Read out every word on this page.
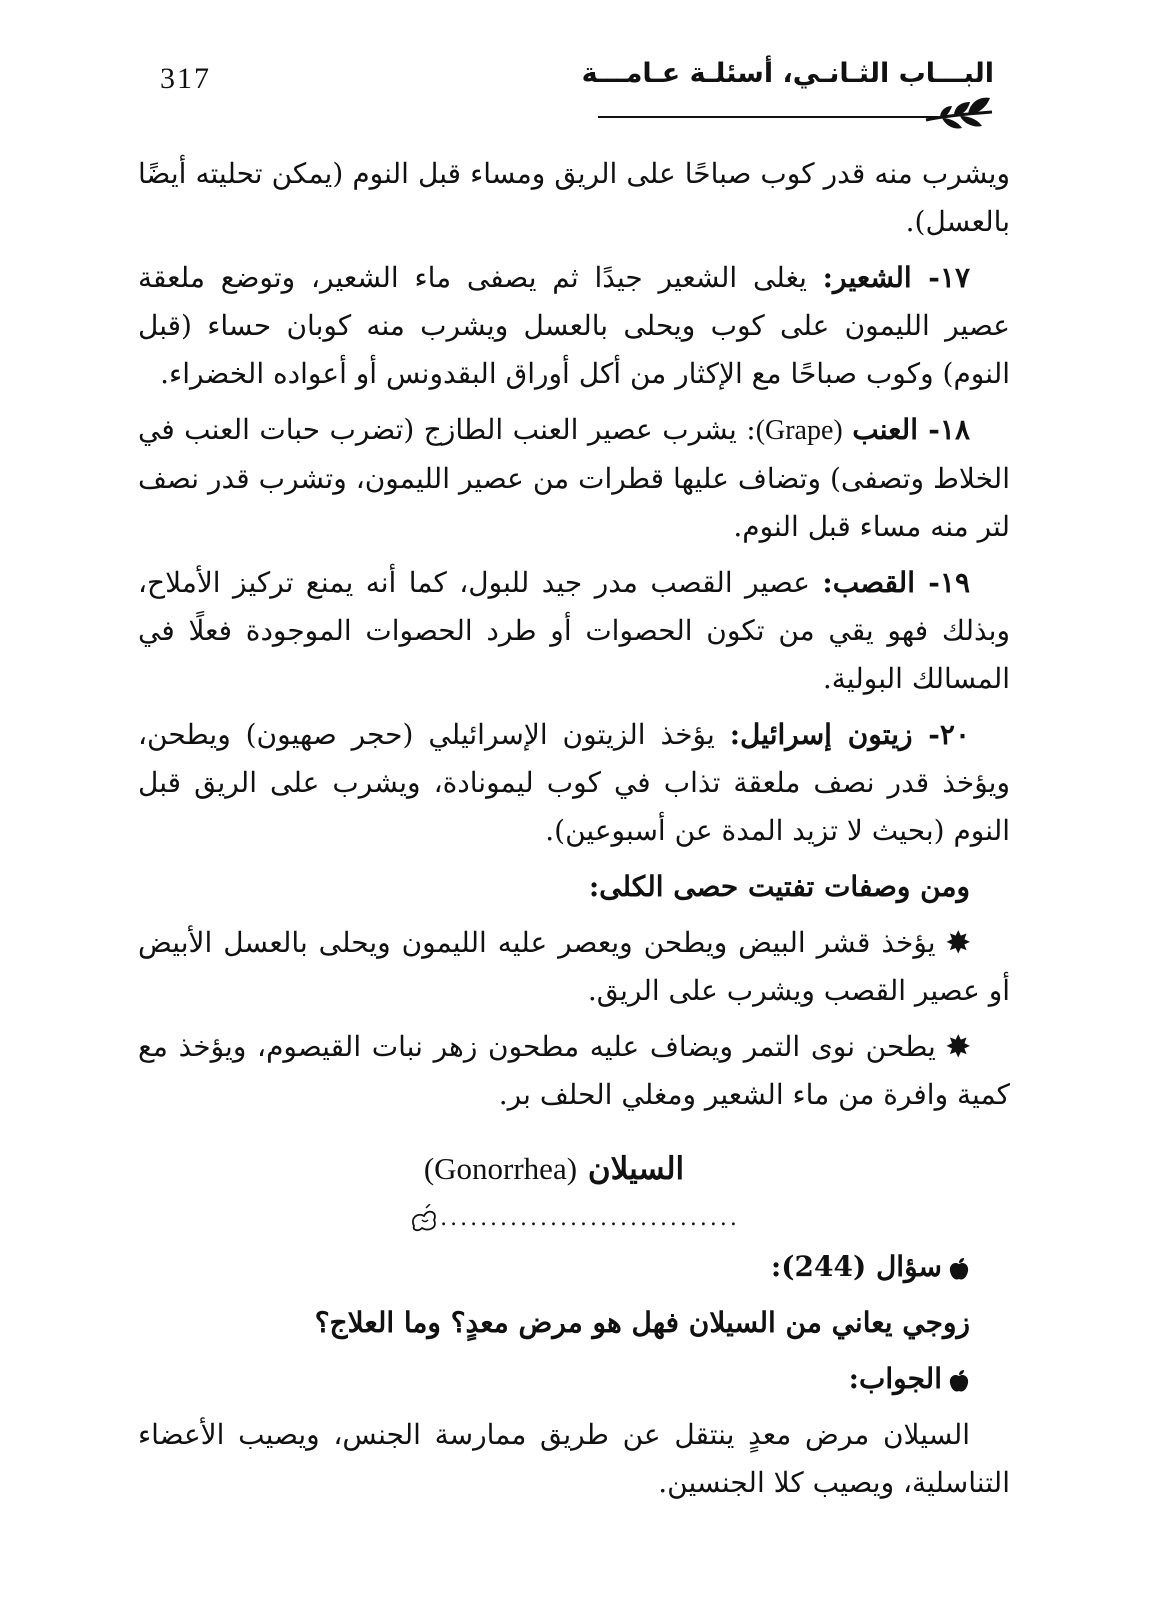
317	البـــاب الثـانـي، أسئلـة عـامـــة

ويشرب منه قدر كوب صباحًا على الريق ومساء قبل النوم (يمكن تحليته أيضًا بالعسل).

١٧- الشعير: يغلى الشعير جيدًا ثم يصفى ماء الشعير، وتوضع ملعقة عصير الليمون على كوب ويحلى بالعسل ويشرب منه كوبان حساء (قبل النوم) وكوب صباحًا مع الإكثار من أكل أوراق البقدونس أو أعواده الخضراء.

١٨- العنب (Grape): يشرب عصير العنب الطازج (تضرب حبات العنب في الخلاط وتصفى) وتضاف عليها قطرات من عصير الليمون، وتشرب قدر نصف لتر منه مساء قبل النوم.

١٩- القصب: عصير القصب مدر جيد للبول، كما أنه يمنع تركيز الأملاح، وبذلك فهو يقي من تكون الحصوات أو طرد الحصوات الموجودة فعلًا في المسالك البولية.

٢٠- زيتون إسرائيل: يؤخذ الزيتون الإسرائيلي (حجر صهيون) ويطحن، ويؤخذ قدر نصف ملعقة تذاب في كوب ليمونادة، ويشرب على الريق قبل النوم (بحيث لا تزيد المدة عن أسبوعين).

ومن وصفات تفتيت حصى الكلى:

✸ يؤخذ قشر البيض ويطحن ويعصر عليه الليمون ويحلى بالعسل الأبيض أو عصير القصب ويشرب على الريق.

✸ يطحن نوى التمر ويضاف عليه مطحون زهر نبات القيصوم، ويؤخذ مع كمية وافرة من ماء الشعير ومغلي الحلف بر.

السيلان (Gonorrhea)

..............................

سؤال (244):

زوجي يعاني من السيلان فهل هو مرض معدٍ؟ وما العلاج؟

الجواب:

السيلان مرض معدٍ ينتقل عن طريق ممارسة الجنس، ويصيب الأعضاء التناسلية، ويصيب كلا الجنسين.
